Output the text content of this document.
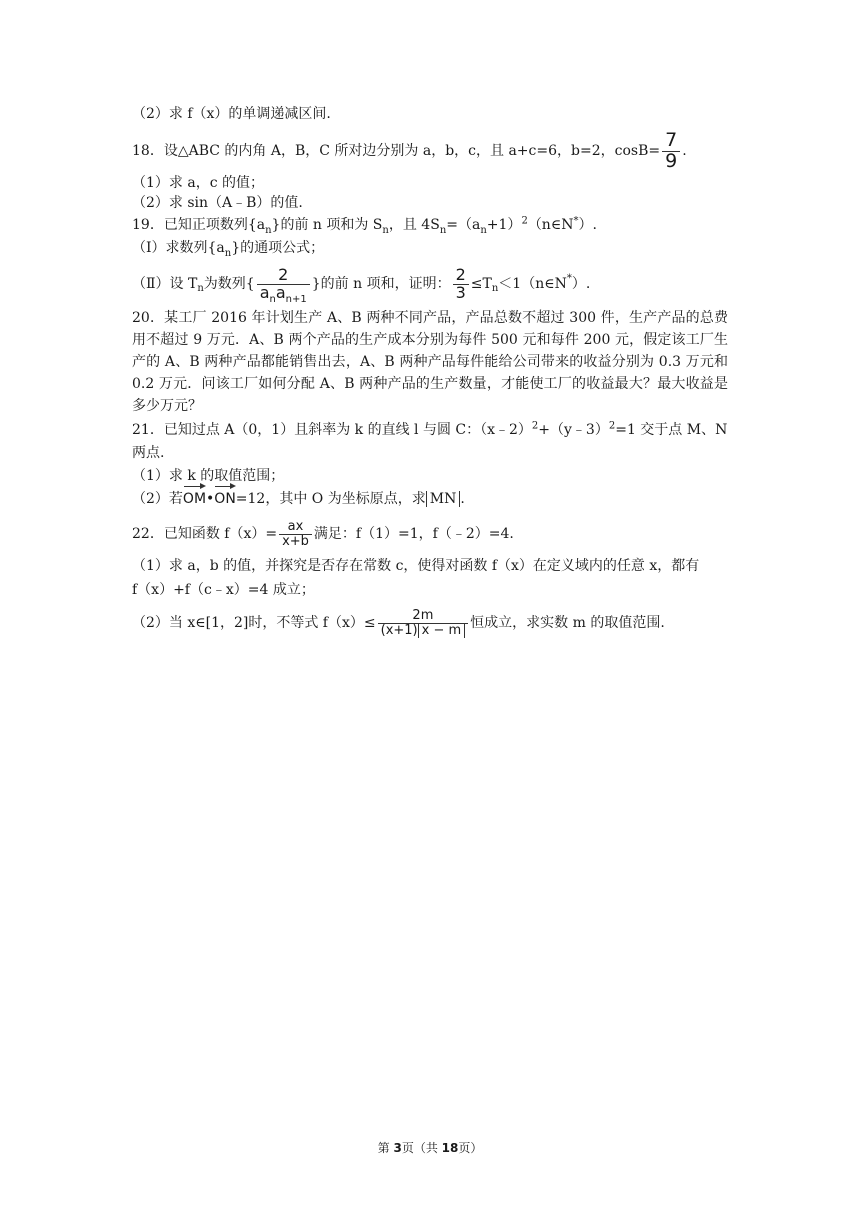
（2）求 f（x）的单调递减区间.
18．设△ABC 的内角 A，B，C 所对边分别为 a，b，c，且 a+c=6，b=2，$\cos B= \frac{7}{9}$ .
（1）求 a，c 的值；
（2）求 sin（A﹣B）的值.
19．已知正项数列$\{a_n\}$的前 n 项和为 $S_n$，且 $4S_n=(a_n+1)^2(n\in N^*)$.
（Ⅰ）求数列$\{a_n\}$的通项公式；
（Ⅱ）设 T n 为数列{ $\frac{2}{a_na_{n+1}}$ }的前 n 项和，证明： $\frac{2}{3} \le T$ n ＜1（n∈N * ）.
20．某工厂 2016 年计划生产 A、B 两种不同产品，产品总数不超过 300 件，生产产品的总费用不超过 9 万元．A、B 两个产品的生产成本分别为每件 500 元和每件 200 元，假定该工厂生产的 A、B 两种产品都能销售出去，A、B 两种产品每件能给公司带来的收益分别为 0.3 万元和 0.2 万元．问该工厂如何分配 A、B 两种产品的生产数量，才能使工厂的收益最大？最大收益是多少万元？
21．已知过点 A（0，1）且斜率为 k 的直线 l 与圆 C：（x﹣2）$^2$+（y﹣3）$^2$=1 交于点 M、N
两点.
（1）求 k 的取值范围；
（2）若OM•ON=12，其中 O 为坐标原点，求 MN .
22．已知函数 $f(x)= \frac{ax}{x+b}$ 满足：f（1）=1，f（﹣2）=4.
（1）求 a，b 的值，并探究是否存在常数 c，使得对函数 f（x）在定义域内的任意 x，都有
f（x）+f（c﹣x）=4 成立；
（2）当 x∈[1，2]时，不等式 $f(x)\le \frac{2m}{(x+1) x - m}$ 恒成立，求实数 m 的取值范围.
第 3页（共 18页）
